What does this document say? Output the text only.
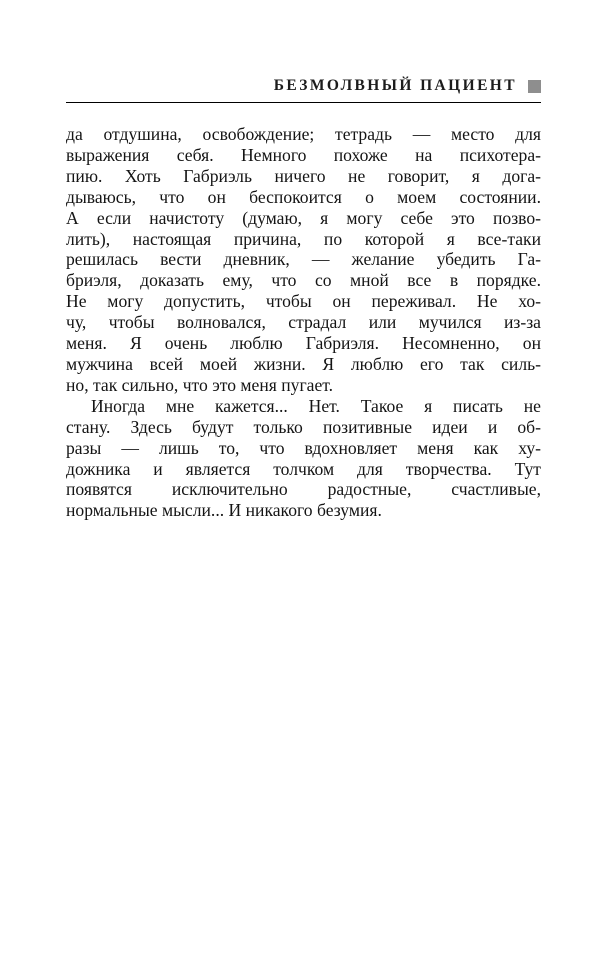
БЕЗМОЛВНЫЙ ПАЦИЕНТ
да отдушина, освобождение; тетрадь — место для
выражения себя. Немного похоже на психотера-
пию. Хоть Габриэль ничего не говорит, я дога-
дываюсь, что он беспокоится о моем состоянии.
А если начистоту (думаю, я могу себе это позво-
лить), настоящая причина, по которой я все-таки
решилась вести дневник, — желание убедить Га-
бриэля, доказать ему, что со мной все в порядке.
Не могу допустить, чтобы он переживал. Не хо-
чу, чтобы волновался, страдал или мучился из-за
меня. Я очень люблю Габриэля. Несомненно, он
мужчина всей моей жизни. Я люблю его так силь-
но, так сильно, что это меня пугает.
Иногда мне кажется... Нет. Такое я писать не
стану. Здесь будут только позитивные идеи и об-
разы — лишь то, что вдохновляет меня как ху-
дожника и является толчком для творчества. Тут
появятся исключительно радостные, счастливые,
нормальные мысли... И никакого безумия.
